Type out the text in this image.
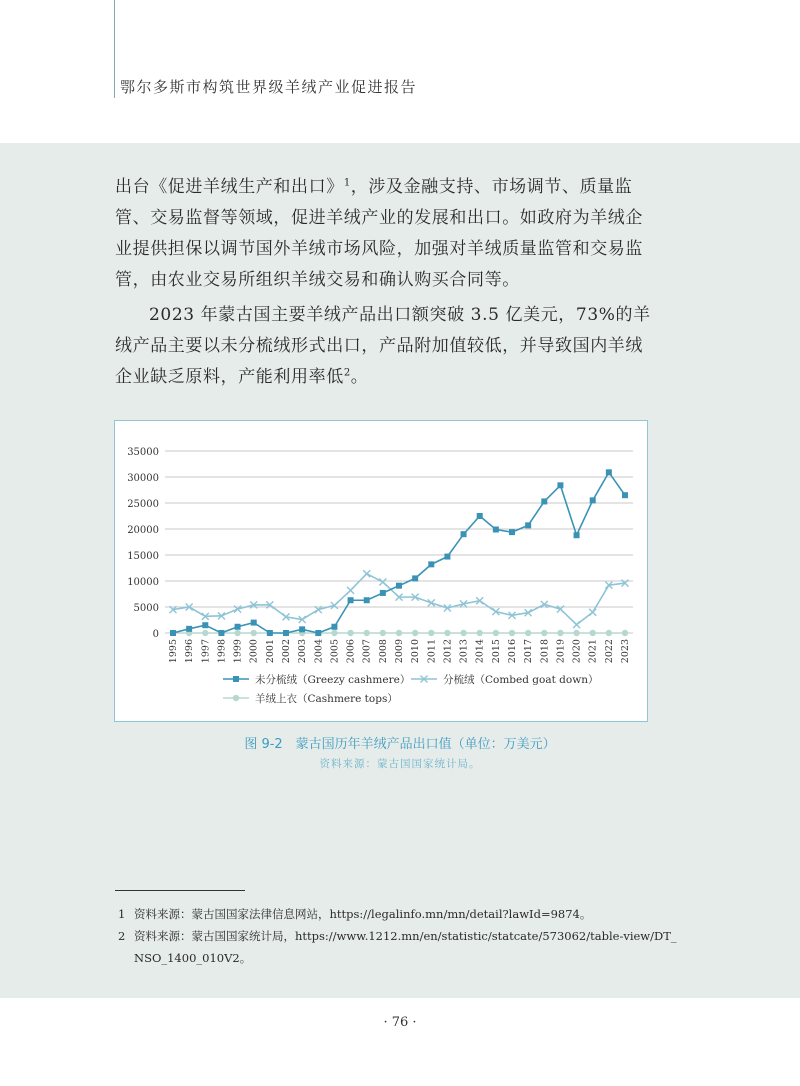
鄂尔多斯市构筑世界级羊绒产业促进报告

出台《促进羊绒生产和出口》$^1$，涉及金融支持、市场调节、质量监管、交易监督等领域，促进羊绒产业的发展和出口。如政府为羊绒企业提供担保以调节国外羊绒市场风险，加强对羊绒质量监管和交易监管，由农业交易所组织羊绒交易和确认购买合同等。

2023 年蒙古国主要羊绒产品出口额突破 3.5 亿美元，73%的羊绒产品主要以未分梳绒形式出口，产品附加值较低，并导致国内羊绒企业缺乏原料，产能利用率低$^2$。

0
5000
10000
15000
20000
25000
30000
35000
1995 1996 1997 1998 1999 2000 2001 2002 2003 2004 2005 2006 2007 2008 2009 2010 2011 2012 2013 2014 2015 2016 2017 2018 2019 2020 2021 2022 2023
未分梳绒（Greezy cashmere）	分梳绒（Combed goat down）
羊绒上衣（Cashmere tops）
图 9-2　蒙古国历年羊绒产品出口值（单位：万美元）
资料来源：蒙古国国家统计局。

1 资料来源：蒙古国国家法律信息网站，https://legalinfo.mn/mn/detail?lawId=9874。

2 资料来源：蒙古国国家统计局，https://www.1212.mn/en/statistic/statcate/573062/table-view/DT_
NSO_1400_010V2。

· 76 ·
